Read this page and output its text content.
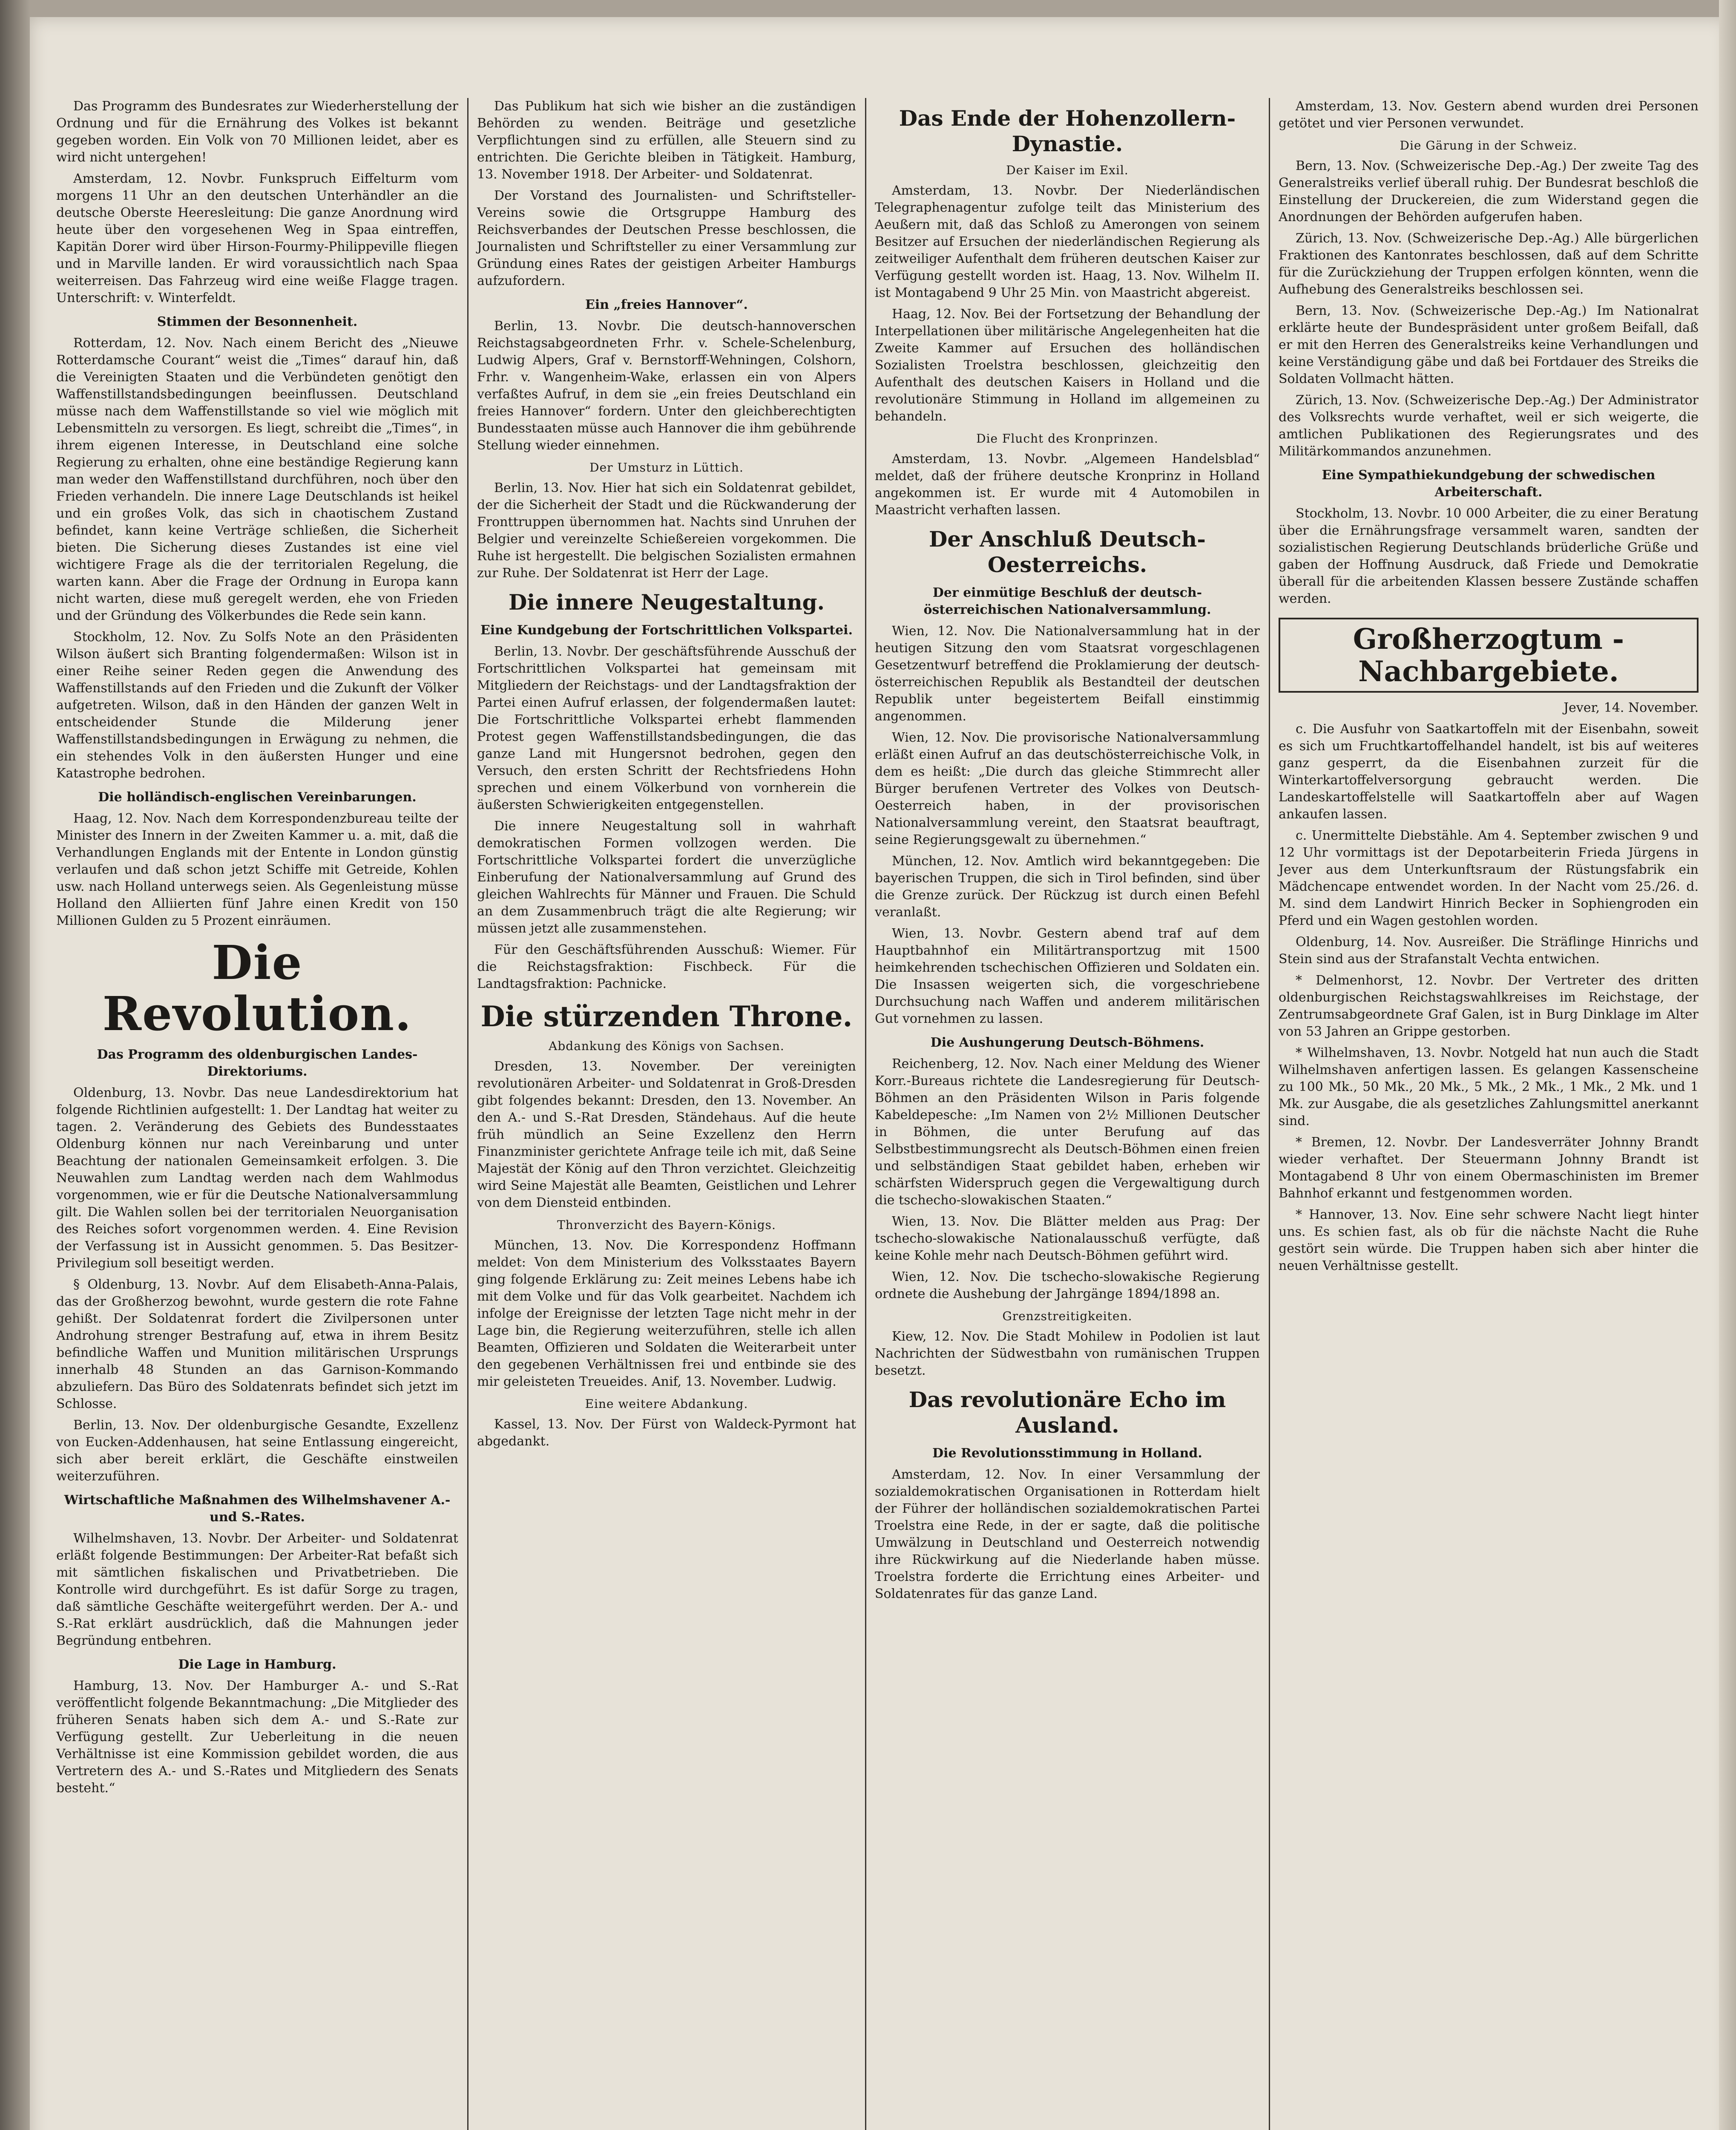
Das Programm des Bundesrates zur Wiederherstellung der Ordnung und für die Ernährung des Volkes ist bekannt gegeben worden. Ein Volk von 70 Millionen leidet, aber es wird nicht untergehen!

Amsterdam, 12. Novbr. Funkspruch Eiffelturm vom morgens 11 Uhr an den deutschen Unterhändler an die deutsche Oberste Heeresleitung: Die ganze Anordnung wird heute über den vorgesehenen Weg in Spaa eintreffen, Kapitän Dorer wird über Hirson-Fourmy-Philippeville fliegen und in Marville landen. Er wird voraussichtlich nach Spaa weiterreisen. Das Fahrzeug wird eine weiße Flagge tragen. Unterschrift: v. Winterfeldt.

Stimmen der Besonnenheit.

Rotterdam, 12. Nov. Nach einem Bericht des „Nieuwe Rotterdamsche Courant“ weist die „Times“ darauf hin, daß die Vereinigten Staaten und die Verbündeten genötigt den Waffenstillstandsbedingungen beeinflussen. Deutschland müsse nach dem Waffenstillstande so viel wie möglich mit Lebensmitteln zu versorgen. Es liegt, schreibt die „Times“, in ihrem eigenen Interesse, in Deutschland eine solche Regierung zu erhalten, ohne eine beständige Regierung kann man weder den Waffenstillstand durchführen, noch über den Frieden verhandeln. Die innere Lage Deutschlands ist heikel und ein großes Volk, das sich in chaotischem Zustand befindet, kann keine Verträge schließen, die Sicherheit bieten. Die Sicherung dieses Zustandes ist eine viel wichtigere Frage als die der territorialen Regelung, die warten kann. Aber die Frage der Ordnung in Europa kann nicht warten, diese muß geregelt werden, ehe von Frieden und der Gründung des Völkerbundes die Rede sein kann.

Stockholm, 12. Nov. Zu Solfs Note an den Präsidenten Wilson äußert sich Branting folgendermaßen: Wilson ist in einer Reihe seiner Reden gegen die Anwendung des Waffenstillstands auf den Frieden und die Zukunft der Völker aufgetreten. Wilson, daß in den Händen der ganzen Welt in entscheidender Stunde die Milderung jener Waffenstillstandsbedingungen in Erwägung zu nehmen, die ein stehendes Volk in den äußersten Hunger und eine Katastrophe bedrohen.

Die holländisch-englischen Vereinbarungen.

Haag, 12. Nov. Nach dem Korrespondenzbureau teilte der Minister des Innern in der Zweiten Kammer u. a. mit, daß die Verhandlungen Englands mit der Entente in London günstig verlaufen und daß schon jetzt Schiffe mit Getreide, Kohlen usw. nach Holland unterwegs seien. Als Gegenleistung müsse Holland den Alliierten fünf Jahre einen Kredit von 150 Millionen Gulden zu 5 Prozent einräumen.

Die Revolution.
Das Programm des oldenburgischen Landes-Direktoriums.

Oldenburg, 13. Novbr. Das neue Landesdirektorium hat folgende Richtlinien aufgestellt: 1. Der Landtag hat weiter zu tagen. 2. Veränderung des Gebiets des Bundesstaates Oldenburg können nur nach Vereinbarung und unter Beachtung der nationalen Gemeinsamkeit erfolgen. 3. Die Neuwahlen zum Landtag werden nach dem Wahlmodus vorgenommen, wie er für die Deutsche Nationalversammlung gilt. Die Wahlen sollen bei der territorialen Neuorganisation des Reiches sofort vorgenommen werden. 4. Eine Revision der Verfassung ist in Aussicht genommen. 5. Das Besitzer-Privilegium soll beseitigt werden.

§ Oldenburg, 13. Novbr. Auf dem Elisabeth-Anna-Palais, das der Großherzog bewohnt, wurde gestern die rote Fahne gehißt. Der Soldatenrat fordert die Zivilpersonen unter Androhung strenger Bestrafung auf, etwa in ihrem Besitz befindliche Waffen und Munition militärischen Ursprungs innerhalb 48 Stunden an das Garnison-Kommando abzuliefern. Das Büro des Soldatenrats befindet sich jetzt im Schlosse.

Berlin, 13. Nov. Der oldenburgische Gesandte, Exzellenz von Eucken-Addenhausen, hat seine Entlassung eingereicht, sich aber bereit erklärt, die Geschäfte einstweilen weiterzuführen.

Wirtschaftliche Maßnahmen des Wilhelmshavener A.- und S.-Rates.

Wilhelmshaven, 13. Novbr. Der Arbeiter- und Soldatenrat erläßt folgende Bestimmungen: Der Arbeiter-Rat befaßt sich mit sämtlichen fiskalischen und Privatbetrieben. Die Kontrolle wird durchgeführt. Es ist dafür Sorge zu tragen, daß sämtliche Geschäfte weitergeführt werden. Der A.- und S.-Rat erklärt ausdrücklich, daß die Mahnungen jeder Begründung entbehren.

Die Lage in Hamburg.

Hamburg, 13. Nov. Der Hamburger A.- und S.-Rat veröffentlicht folgende Bekanntmachung: „Die Mitglieder des früheren Senats haben sich dem A.- und S.-Rate zur Verfügung gestellt. Zur Ueberleitung in die neuen Verhältnisse ist eine Kommission gebildet worden, die aus Vertretern des A.- und S.-Rates und Mitgliedern des Senats besteht.“

Das Publikum hat sich wie bisher an die zuständigen Behörden zu wenden. Beiträge und gesetzliche Verpflichtungen sind zu erfüllen, alle Steuern sind zu entrichten. Die Gerichte bleiben in Tätigkeit. Hamburg, 13. November 1918. Der Arbeiter- und Soldatenrat.

Der Vorstand des Journalisten- und Schriftsteller-Vereins sowie die Ortsgruppe Hamburg des Reichsverbandes der Deutschen Presse beschlossen, die Journalisten und Schriftsteller zu einer Versammlung zur Gründung eines Rates der geistigen Arbeiter Hamburgs aufzufordern.

Ein „freies Hannover“.

Berlin, 13. Novbr. Die deutsch-hannoverschen Reichstagsabgeordneten Frhr. v. Schele-Schelenburg, Ludwig Alpers, Graf v. Bernstorff-Wehningen, Colshorn, Frhr. v. Wangenheim-Wake, erlassen ein von Alpers verfaßtes Aufruf, in dem sie „ein freies Deutschland ein freies Hannover“ fordern. Unter den gleichberechtigten Bundesstaaten müsse auch Hannover die ihm gebührende Stellung wieder einnehmen.

Der Umsturz in Lüttich.

Berlin, 13. Nov. Hier hat sich ein Soldatenrat gebildet, der die Sicherheit der Stadt und die Rückwanderung der Fronttruppen übernommen hat. Nachts sind Unruhen der Belgier und vereinzelte Schießereien vorgekommen. Die Ruhe ist hergestellt. Die belgischen Sozialisten ermahnen zur Ruhe. Der Soldatenrat ist Herr der Lage.

Die innere Neugestaltung.
Eine Kundgebung der Fortschrittlichen Volkspartei.

Berlin, 13. Novbr. Der geschäftsführende Ausschuß der Fortschrittlichen Volkspartei hat gemeinsam mit Mitgliedern der Reichstags- und der Landtagsfraktion der Partei einen Aufruf erlassen, der folgendermaßen lautet: Die Fortschrittliche Volkspartei erhebt flammenden Protest gegen Waffenstillstandsbedingungen, die das ganze Land mit Hungersnot bedrohen, gegen den Versuch, den ersten Schritt der Rechtsfriedens Hohn sprechen und einem Völkerbund von vornherein die äußersten Schwierigkeiten entgegenstellen.

Die innere Neugestaltung soll in wahrhaft demokratischen Formen vollzogen werden. Die Fortschrittliche Volkspartei fordert die unverzügliche Einberufung der Nationalversammlung auf Grund des gleichen Wahlrechts für Männer und Frauen. Die Schuld an dem Zusammenbruch trägt die alte Regierung; wir müssen jetzt alle zusammenstehen.

Für den Geschäftsführenden Ausschuß: Wiemer. Für die Reichstagsfraktion: Fischbeck. Für die Landtagsfraktion: Pachnicke.

Die stürzenden Throne.
Abdankung des Königs von Sachsen.

Dresden, 13. November. Der vereinigten revolutionären Arbeiter- und Soldatenrat in Groß-Dresden gibt folgendes bekannt: Dresden, den 13. November. An den A.- und S.-Rat Dresden, Ständehaus. Auf die heute früh mündlich an Seine Exzellenz den Herrn Finanzminister gerichtete Anfrage teile ich mit, daß Seine Majestät der König auf den Thron verzichtet. Gleichzeitig wird Seine Majestät alle Beamten, Geistlichen und Lehrer von dem Diensteid entbinden.

Thronverzicht des Bayern-Königs.

München, 13. Nov. Die Korrespondenz Hoffmann meldet: Von dem Ministerium des Volksstaates Bayern ging folgende Erklärung zu: Zeit meines Lebens habe ich mit dem Volke und für das Volk gearbeitet. Nachdem ich infolge der Ereignisse der letzten Tage nicht mehr in der Lage bin, die Regierung weiterzuführen, stelle ich allen Beamten, Offizieren und Soldaten die Weiterarbeit unter den gegebenen Verhältnissen frei und entbinde sie des mir geleisteten Treueides. Anif, 13. November. Ludwig.

Eine weitere Abdankung.

Kassel, 13. Nov. Der Fürst von Waldeck-Pyrmont hat abgedankt.

Das Ende der Hohenzollern-Dynastie.
Der Kaiser im Exil.

Amsterdam, 13. Novbr. Der Niederländischen Telegraphenagentur zufolge teilt das Ministerium des Aeußern mit, daß das Schloß zu Amerongen von seinem Besitzer auf Ersuchen der niederländischen Regierung als zeitweiliger Aufenthalt dem früheren deutschen Kaiser zur Verfügung gestellt worden ist. Haag, 13. Nov. Wilhelm II. ist Montagabend 9 Uhr 25 Min. von Maastricht abgereist.

Haag, 12. Nov. Bei der Fortsetzung der Behandlung der Interpellationen über militärische Angelegenheiten hat die Zweite Kammer auf Ersuchen des holländischen Sozialisten Troelstra beschlossen, gleichzeitig den Aufenthalt des deutschen Kaisers in Holland und die revolutionäre Stimmung in Holland im allgemeinen zu behandeln.

Die Flucht des Kronprinzen.

Amsterdam, 13. Novbr. „Algemeen Handelsblad“ meldet, daß der frühere deutsche Kronprinz in Holland angekommen ist. Er wurde mit 4 Automobilen in Maastricht verhaften lassen.

Der Anschluß Deutsch-Oesterreichs.
Der einmütige Beschluß der deutsch-österreichischen Nationalversammlung.

Wien, 12. Nov. Die Nationalversammlung hat in der heutigen Sitzung den vom Staatsrat vorgeschlagenen Gesetzentwurf betreffend die Proklamierung der deutsch-österreichischen Republik als Bestandteil der deutschen Republik unter begeistertem Beifall einstimmig angenommen.

Wien, 12. Nov. Die provisorische Nationalversammlung erläßt einen Aufruf an das deutschösterreichische Volk, in dem es heißt: „Die durch das gleiche Stimmrecht aller Bürger berufenen Vertreter des Volkes von Deutsch-Oesterreich haben, in der provisorischen Nationalversammlung vereint, den Staatsrat beauftragt, seine Regierungsgewalt zu übernehmen.“

München, 12. Nov. Amtlich wird bekanntgegeben: Die bayerischen Truppen, die sich in Tirol befinden, sind über die Grenze zurück. Der Rückzug ist durch einen Befehl veranlaßt.

Wien, 13. Novbr. Gestern abend traf auf dem Hauptbahnhof ein Militärtransportzug mit 1500 heimkehrenden tschechischen Offizieren und Soldaten ein. Die Insassen weigerten sich, die vorgeschriebene Durchsuchung nach Waffen und anderem militärischen Gut vornehmen zu lassen.

Die Aushungerung Deutsch-Böhmens.

Reichenberg, 12. Nov. Nach einer Meldung des Wiener Korr.-Bureaus richtete die Landesregierung für Deutsch-Böhmen an den Präsidenten Wilson in Paris folgende Kabeldepesche: „Im Namen von 2½ Millionen Deutscher in Böhmen, die unter Berufung auf das Selbstbestimmungsrecht als Deutsch-Böhmen einen freien und selbständigen Staat gebildet haben, erheben wir schärfsten Widerspruch gegen die Vergewaltigung durch die tschecho-slowakischen Staaten.“

Wien, 13. Nov. Die Blätter melden aus Prag: Der tschecho-slowakische Nationalausschuß verfügte, daß keine Kohle mehr nach Deutsch-Böhmen geführt wird.

Wien, 12. Nov. Die tschecho-slowakische Regierung ordnete die Aushebung der Jahrgänge 1894/1898 an.

Grenzstreitigkeiten.

Kiew, 12. Nov. Die Stadt Mohilew in Podolien ist laut Nachrichten der Südwestbahn von rumänischen Truppen besetzt.

Das revolutionäre Echo im Ausland.
Die Revolutionsstimmung in Holland.

Amsterdam, 12. Nov. In einer Versammlung der sozialdemokratischen Organisationen in Rotterdam hielt der Führer der holländischen sozialdemokratischen Partei Troelstra eine Rede, in der er sagte, daß die politische Umwälzung in Deutschland und Oesterreich notwendig ihre Rückwirkung auf die Niederlande haben müsse. Troelstra forderte die Errichtung eines Arbeiter- und Soldatenrates für das ganze Land.

Amsterdam, 13. Nov. Gestern abend wurden drei Personen getötet und vier Personen verwundet.

Die Gärung in der Schweiz.

Bern, 13. Nov. (Schweizerische Dep.-Ag.) Der zweite Tag des Generalstreiks verlief überall ruhig. Der Bundesrat beschloß die Einstellung der Druckereien, die zum Widerstand gegen die Anordnungen der Behörden aufgerufen haben.

Zürich, 13. Nov. (Schweizerische Dep.-Ag.) Alle bürgerlichen Fraktionen des Kantonrates beschlossen, daß auf dem Schritte für die Zurückziehung der Truppen erfolgen könnten, wenn die Aufhebung des Generalstreiks beschlossen sei.

Bern, 13. Nov. (Schweizerische Dep.-Ag.) Im Nationalrat erklärte heute der Bundespräsident unter großem Beifall, daß er mit den Herren des Generalstreiks keine Verhandlungen und keine Verständigung gäbe und daß bei Fortdauer des Streiks die Soldaten Vollmacht hätten.

Zürich, 13. Nov. (Schweizerische Dep.-Ag.) Der Administrator des Volksrechts wurde verhaftet, weil er sich weigerte, die amtlichen Publikationen des Regierungsrates und des Militärkommandos anzunehmen.

Eine Sympathiekundgebung der schwedischen Arbeiterschaft.

Stockholm, 13. Novbr. 10 000 Arbeiter, die zu einer Beratung über die Ernährungsfrage versammelt waren, sandten der sozialistischen Regierung Deutschlands brüderliche Grüße und gaben der Hoffnung Ausdruck, daß Friede und Demokratie überall für die arbeitenden Klassen bessere Zustände schaffen werden.

Großherzogtum - Nachbargebiete.

Jever, 14. November.

c. Die Ausfuhr von Saatkartoffeln mit der Eisenbahn, soweit es sich um Fruchtkartoffelhandel handelt, ist bis auf weiteres ganz gesperrt, da die Eisenbahnen zurzeit für die Winterkartoffelversorgung gebraucht werden. Die Landeskartoffelstelle will Saatkartoffeln aber auf Wagen ankaufen lassen.

c. Unermittelte Diebstähle. Am 4. September zwischen 9 und 12 Uhr vormittags ist der Depotarbeiterin Frieda Jürgens in Jever aus dem Unterkunftsraum der Rüstungsfabrik ein Mädchencape entwendet worden. In der Nacht vom 25./26. d. M. sind dem Landwirt Hinrich Becker in Sophiengroden ein Pferd und ein Wagen gestohlen worden.

Oldenburg, 14. Nov. Ausreißer. Die Sträflinge Hinrichs und Stein sind aus der Strafanstalt Vechta entwichen.

* Delmenhorst, 12. Novbr. Der Vertreter des dritten oldenburgischen Reichstagswahlkreises im Reichstage, der Zentrumsabgeordnete Graf Galen, ist in Burg Dinklage im Alter von 53 Jahren an Grippe gestorben.

* Wilhelmshaven, 13. Novbr. Notgeld hat nun auch die Stadt Wilhelmshaven anfertigen lassen. Es gelangen Kassenscheine zu 100 Mk., 50 Mk., 20 Mk., 5 Mk., 2 Mk., 1 Mk., 2 Mk. und 1 Mk. zur Ausgabe, die als gesetzliches Zahlungsmittel anerkannt sind.

* Bremen, 12. Novbr. Der Landesverräter Johnny Brandt wieder verhaftet. Der Steuermann Johnny Brandt ist Montagabend 8 Uhr von einem Obermaschinisten im Bremer Bahnhof erkannt und festgenommen worden.

* Hannover, 13. Nov. Eine sehr schwere Nacht liegt hinter uns. Es schien fast, als ob für die nächste Nacht die Ruhe gestört sein würde. Die Truppen haben sich aber hinter die neuen Verhältnisse gestellt.
